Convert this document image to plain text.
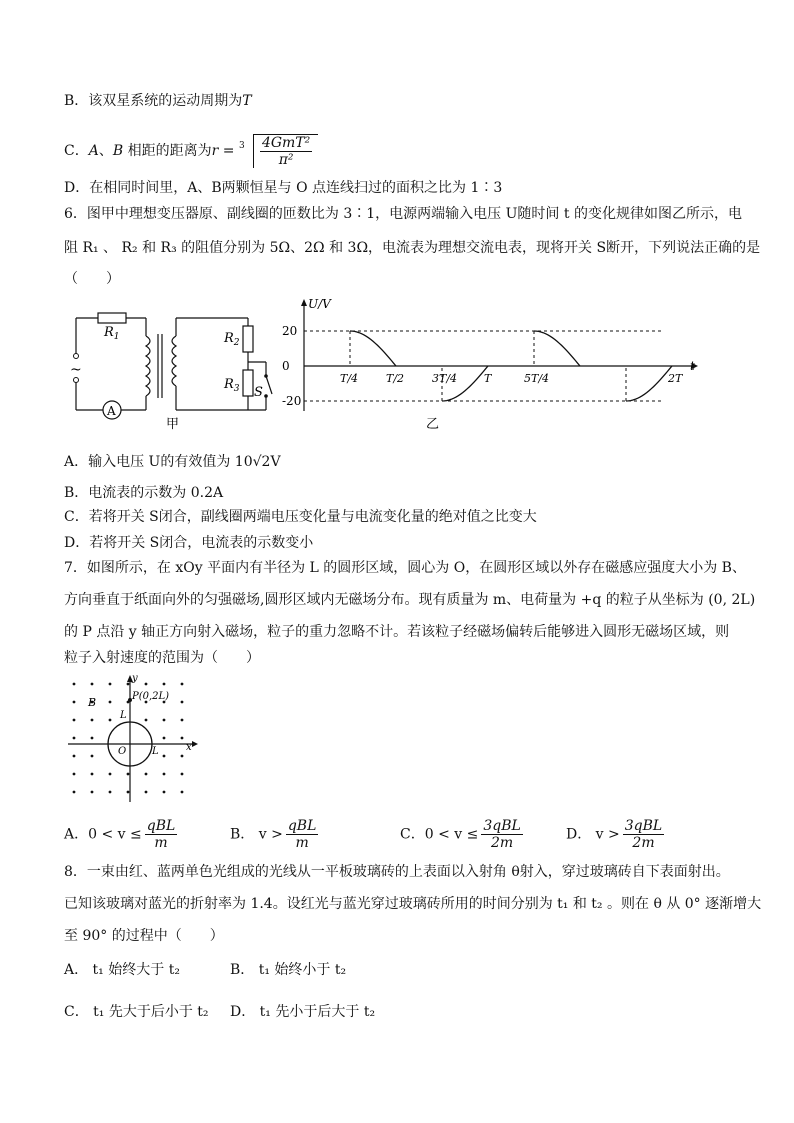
B．该双星系统的运动周期为T
C．A、B 相距的距离为$r = 3 \frac{\text{4GmT²}}{\text{π²}}$
D．在相同时间里，A、B两颗恒星与 O 点连线扫过的面积之比为 1∶3
6．图甲中理想变压器原、副线圈的匝数比为 3∶1，电源两端输入电压 U随时间 t 的变化规律如图乙所示，电
阻 R₁ 、 R₂ 和 R₃ 的阻值分别为 5Ω、2Ω 和 3Ω，电流表为理想交流电表，现将开关 S断开，下列说法正确的是
（　　）
$R_1$
~
A
$R_2$
$R_3$ S
甲
20
0
-20
U/V
t
T/4	T/2	3T/4 T	5T/4	2T
乙
A．输入电压 U的有效值为 10√2V
B．电流表的示数为 0.2A
C．若将开关 S闭合，副线圈两端电压变化量与电流变化量的绝对值之比变大
D．若将开关 S闭合，电流表的示数变小
7．如图所示，在 xOy 平面内有半径为 L 的圆形区域，圆心为 O，在圆形区域以外存在磁感应强度大小为 B、
方向垂直于纸面向外的匀强磁场,圆形区域内无磁场分布。现有质量为 m、电荷量为 +q 的粒子从坐标为 (0, 2L)
的 P 点沿 y 轴正方向射入磁场，粒子的重力忽略不计。若该粒子经磁场偏转后能够进入圆形无磁场区域，则
粒子入射速度的范围为（　　）
x
y
P(0,2L)
B
L
O	L
A．$0 < v \le \frac{\text{qBL}}{m}$	B． $v > \frac{\text{qBL}}{m}$	C．$0 < v \le \frac{\text{3qBL}}{2m}$	D． $v > \frac{\text{3qBL}}{2m}$
8．一束由红、蓝两单色光组成的光线从一平板玻璃砖的上表面以入射角 θ射入，穿过玻璃砖自下表面射出。
已知该玻璃对蓝光的折射率为 1.4。设红光与蓝光穿过玻璃砖所用的时间分别为 t₁ 和 t₂ 。则在 θ 从 0° 逐渐增大
至 90° 的过程中（　　）
A． t₁ 始终大于 t₂	B． t₁ 始终小于 t₂
C． t₁ 先大于后小于 t₂ D． t₁ 先小于后大于 t₂
